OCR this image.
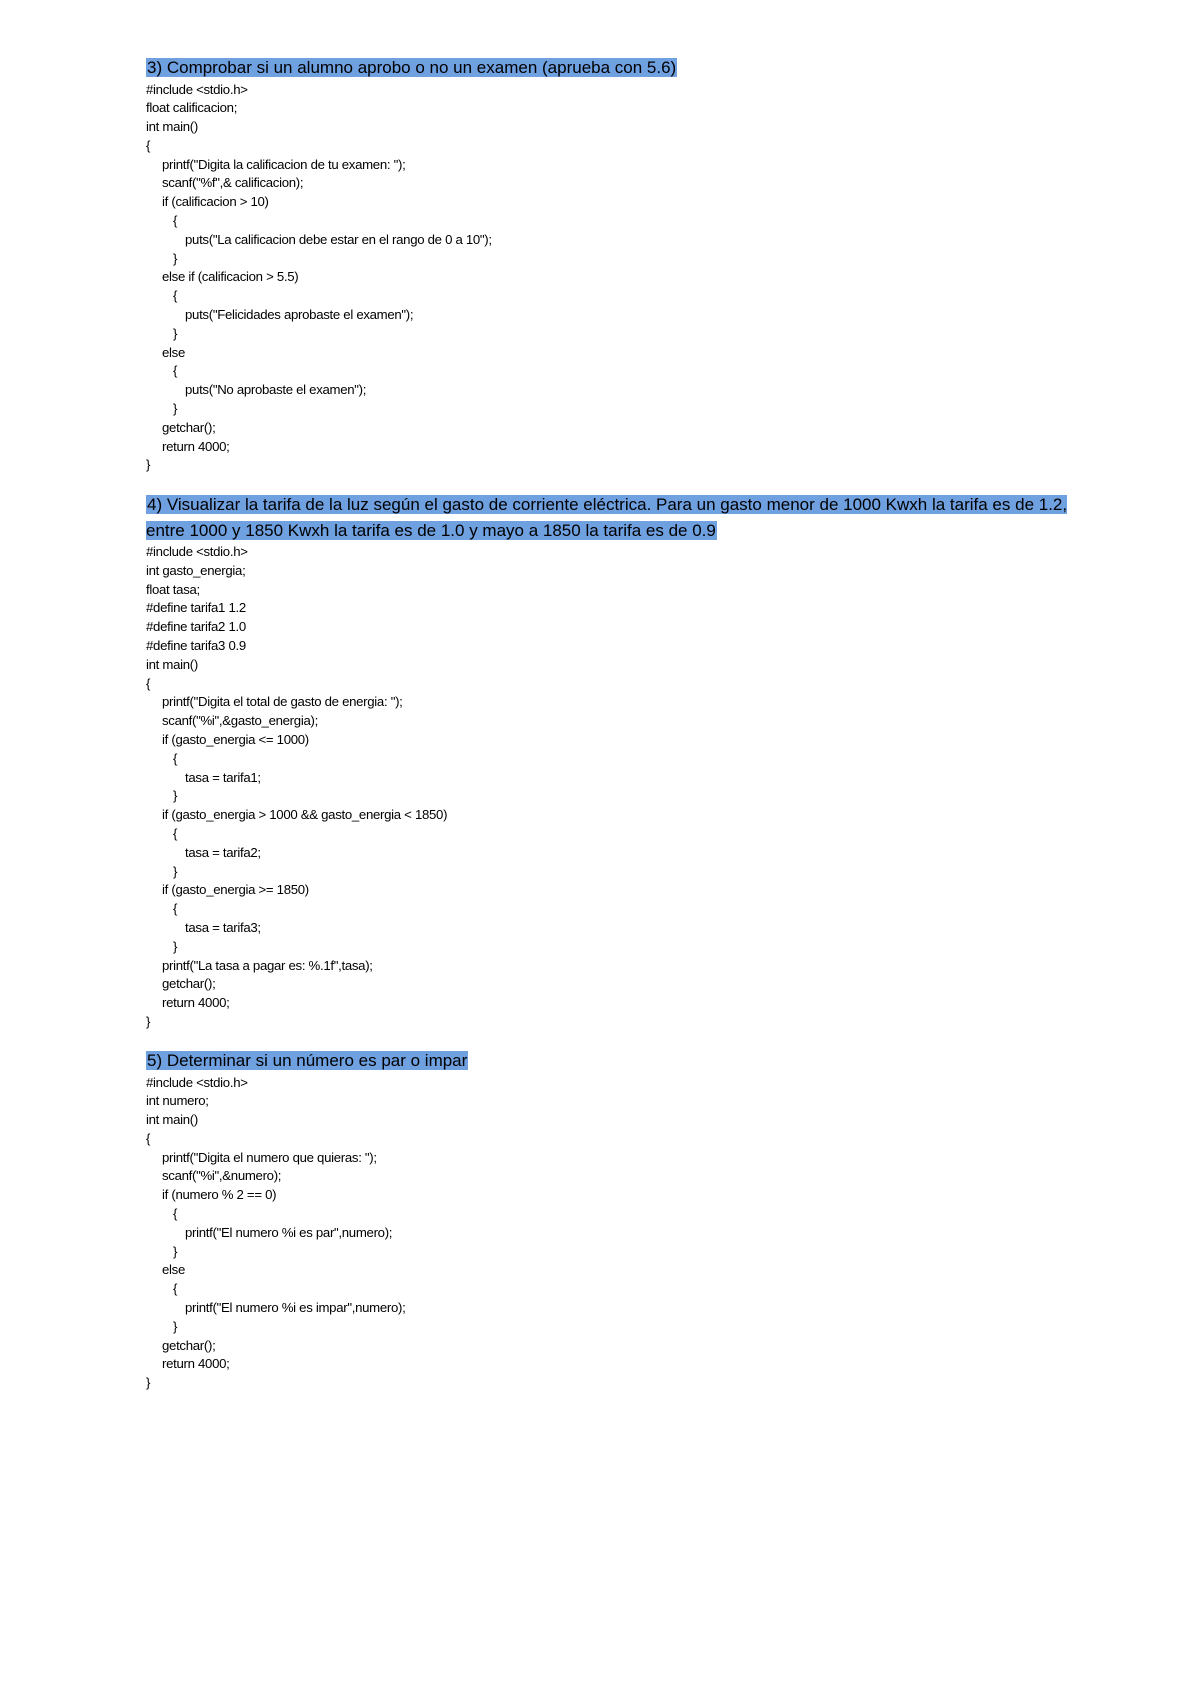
3) Comprobar si un alumno aprobo o no un examen (aprueba con 5.6)

#include <stdio.h>
float calificacion;
int main()
{
printf("Digita la calificacion de tu examen: ");
scanf("%f",& calificacion);
if (calificacion > 10)
{
puts("La calificacion debe estar en el rango de 0 a 10");
}
else if (calificacion > 5.5)
{
puts("Felicidades aprobaste el examen");
}
else
{
puts("No aprobaste el examen");
}
getchar();
return 4000;
}

4) Visualizar la tarifa de la luz según el gasto de corriente eléctrica. Para un gasto menor de 1000 Kwxh la tarifa es de 1.2, entre 1000 y 1850 Kwxh la tarifa es de 1.0 y mayo a 1850 la tarifa es de 0.9

#include <stdio.h>
int gasto_energia;
float tasa;
#define tarifa1 1.2
#define tarifa2 1.0
#define tarifa3 0.9
int main()
{
printf("Digita el total de gasto de energia: ");
scanf("%i",&gasto_energia);
if (gasto_energia <= 1000)
{
tasa = tarifa1;
}
if (gasto_energia > 1000 && gasto_energia < 1850)
{
tasa = tarifa2;
}
if (gasto_energia >= 1850)
{
tasa = tarifa3;
}
printf("La tasa a pagar es: %.1f",tasa);
getchar();
return 4000;
}

5) Determinar si un número es par o impar

#include <stdio.h>
int numero;
int main()
{
printf("Digita el numero que quieras: ");
scanf("%i",&numero);
if (numero % 2 == 0)
{
printf("El numero %i es par",numero);
}
else
{
printf("El numero %i es impar",numero);
}
getchar();
return 4000;
}
